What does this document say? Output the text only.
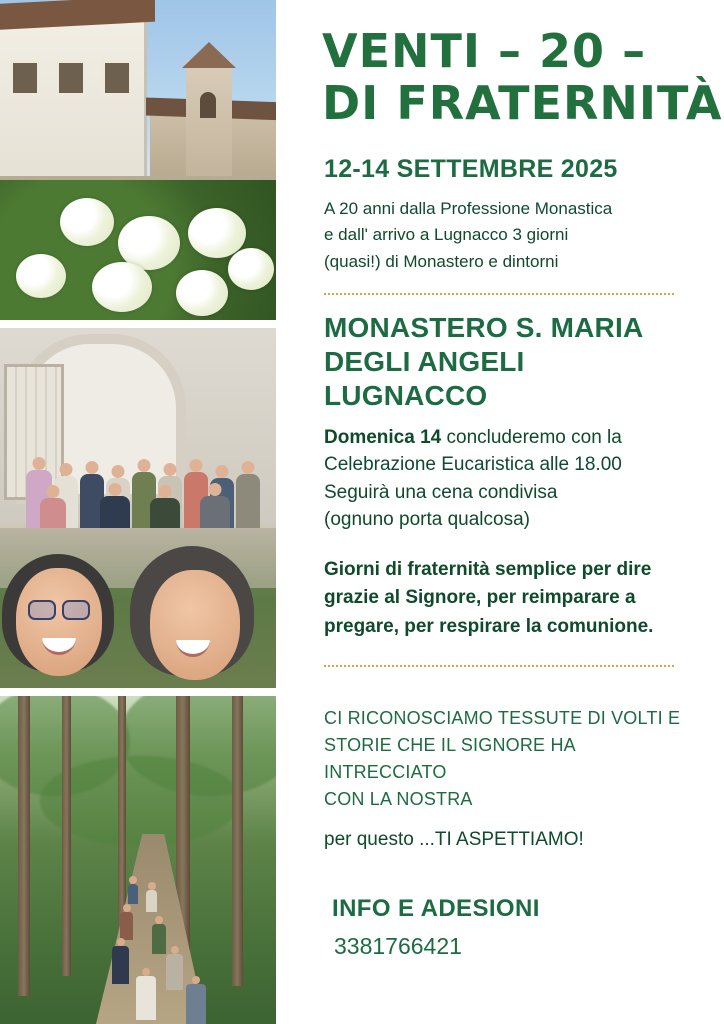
VENTI – 20 –
DI FRATERNITÀ
12-14 SETTEMBRE 2025

A 20 anni dalla Professione Monastica

e dall' arrivo a Lugnacco 3 giorni

(quasi!) di Monastero e dintorni

MONASTERO S. MARIA
DEGLI ANGELI LUGNACCO

Domenica 14 concluderemo con la

Celebrazione Eucaristica alle 18.00

Seguirà una cena condivisa

(ognuno porta qualcosa)

Giorni di fraternità semplice per dire

grazie al Signore, per reimparare a

pregare, per respirare la comunione.

CI RICONOSCIAMO TESSUTE DI VOLTI E

STORIE CHE IL SIGNORE HA INTRECCIATO

CON LA NOSTRA

per questo ...TI ASPETTIAMO!
INFO E ADESIONI
3381766421
